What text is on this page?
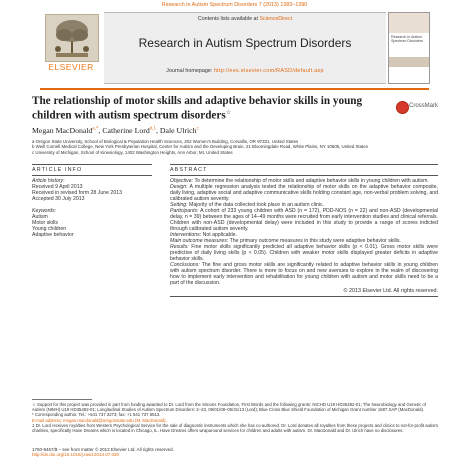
Research in Autism Spectrum Disorders 7 (2013) 1383–1390
ELSEVIER
Contents lists available at ScienceDirect
Research in Autism Spectrum Disorders
Journal homepage: http://ees.elsevier.com/RASD/default.asp
Research in Autism Spectrum Disorders
The relationship of motor skills and adaptive behavior skills in young children with autism spectrum disorders☆
CrossMark
Megan MacDonald$^{a,*}$, Catherine Lord$^{b,1}$, Dale Ulrich$^c$
a Oregon State University, School of Biological & Population Health Sciences, 202 Women's Building, Corvallis, OR 97331, United States
b Weill Cornell Medical College, New York Presbyterian Hospital, Center for Autism and the Developing Brain, 21 Bloomingdale Road, White Plains, NY 10605, United States
c University of Michigan, School of Kinesiology, 1402 Washington Heights, Ann Arbor, MI, United States
ARTICLE INFO
Article history:
Received 9 April 2013
Received in revised form 28 June 2013
Accepted 30 July 2013
Keywords:
Autism
Motor skills
Young children
Adaptive behavior
ABSTRACT

Objective: To determine the relationship of motor skills and adaptive behavior skills in young children with autism.

Design: A multiple regression analysis tested the relationship of motor skills on the adaptive behavior composite, daily living, adaptive social and adaptive communicative skills holding constant age, non-verbal problem solving, and calibrated autism severity.

Setting: Majority of the data collected took place in an autism clinic.

Participants: A cohort of 233 young children with ASD (n = 172), PDD-NOS (n = 22) and non-ASD (developmental delay, n = 39) between the ages of 14–49 months were recruited from early intervention studies and clinical referrals. Children with non-ASD (developmental delay) were included in this study to provide a range of scores indicted through calibrated autism severity.

Interventions: Not applicable.

Main outcome measures: The primary outcome measures in this study were adaptive behavior skills.

Results: Fine motor skills significantly predicted all adaptive behavior skills (p < 0.01). Gross motor skills were predictive of daily living skills (p < 0.05). Children with weaker motor skills displayed greater deficits in adaptive behavior skills.

Conclusions: The fine and gross motor skills are significantly related to adaptive behavior skills in young children with autism spectrum disorder. There is more to focus on and new avenues to explore in the realm of discovering how to implement early intervention and rehabilitation for young children with autism and motor skills need to be a part of the discussion.

© 2013 Elsevier Ltd. All rights reserved.

☆ Support for this project was provided in part from funding awarded to Dr. Lord from the Simons Foundation, First Words and the following grants: NICHD U19 HD35482-01; The Neurobiology and Genetic of Autism (NIMH) U19 HD35482-01; Longitudinal Studies of Autism Spectrum Disorders: 2–23, 09/01/08–05/31/13 (Lord); Blue Cross Blue Shield Foundation of Michigan Grant number 1687.SAP (MacDonald).

* Corresponding author. Tel.: +541 737 3273; fax: +1 541 737 5513.

E-mail address: megan.macdonald@oregonstate.edu (M. MacDonald).

1 Dr. Lord receives royalties from Western Psychological Service for the sale of diagnostic instruments which she has co-authored. Dr. Lord donates all royalties from these projects and clinics to not-for-profit autism charities, specifically Have Dreams which is located in Chicago, IL. Have Dreams offers wraparound services for children and adults with autism. Dr. MacDonald and Dr. Ulrich have no disclosures.

1750-9467/$ – see front matter © 2013 Elsevier Ltd. All rights reserved.
http://dx.doi.org/10.1016/j.rasd.2013.07.020
